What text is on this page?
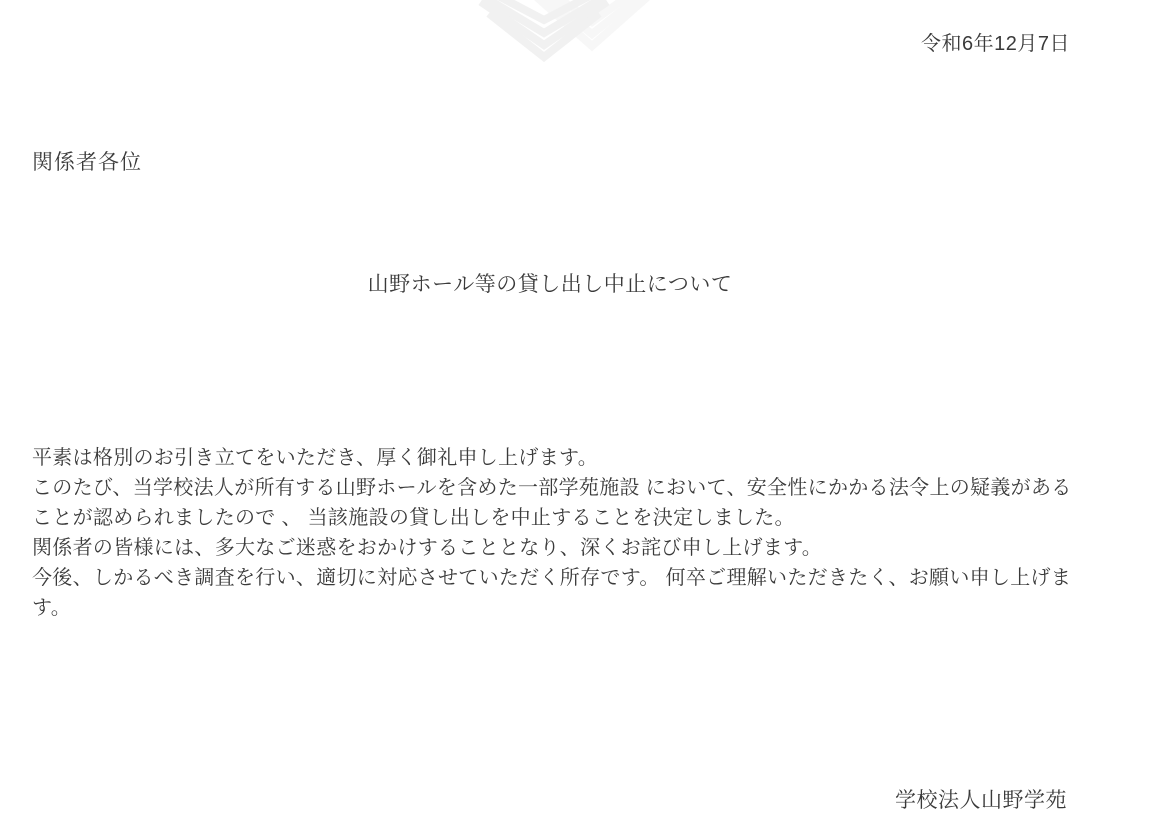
令和6年12月7日
関係者各位
山野ホール等の貸し出し中止について
平素は格別のお引き立てをいただき、厚く御礼申し上げます。
このたび、当学校法人が所有する山野ホールを含めた一部学苑施設 において、安全性にかかる法令上の疑義がある
ことが認められましたので 、 当該施設の貸し出しを中止することを決定しました。
関係者の皆様には、多大なご迷惑をおかけすることとなり、深くお詫び申し上げます。
今後、しかるべき調査を行い、適切に対応させていただく所存です。 何卒ご理解いただきたく、お願い申し上げま
す。
学校法人山野学苑
